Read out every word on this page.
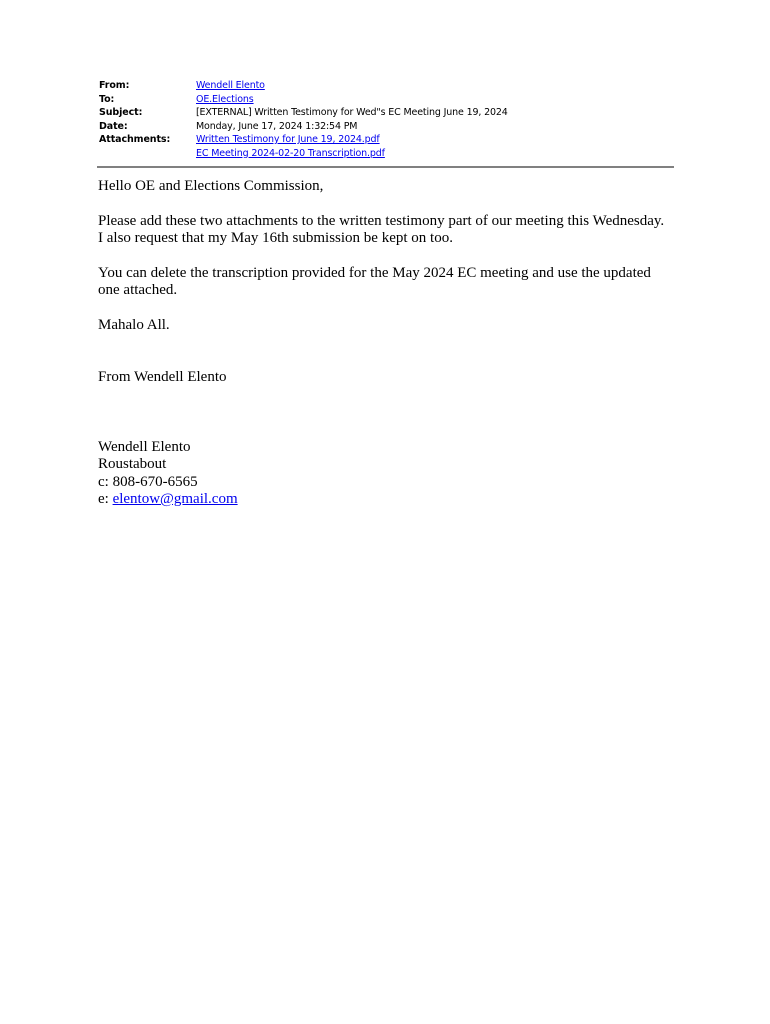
From:	Wendell Elento
To:	OE.Elections
Subject:	[EXTERNAL] Written Testimony for Wed"s EC Meeting June 19, 2024
Date:	Monday, June 17, 2024 1:32:54 PM
Attachments:	Written Testimony for June 19, 2024.pdf
EC Meeting 2024-02-20 Transcription.pdf

Hello OE and Elections Commission,

Please add these two attachments to the written testimony part of our meeting this Wednesday.
I also request that my May 16th submission be kept on too.

You can delete the transcription provided for the May 2024 EC meeting and use the updated
one attached.

Mahalo All.

From Wendell Elento

Wendell Elento
Roustabout
c: 808-670-6565
e: elentow@gmail.com
